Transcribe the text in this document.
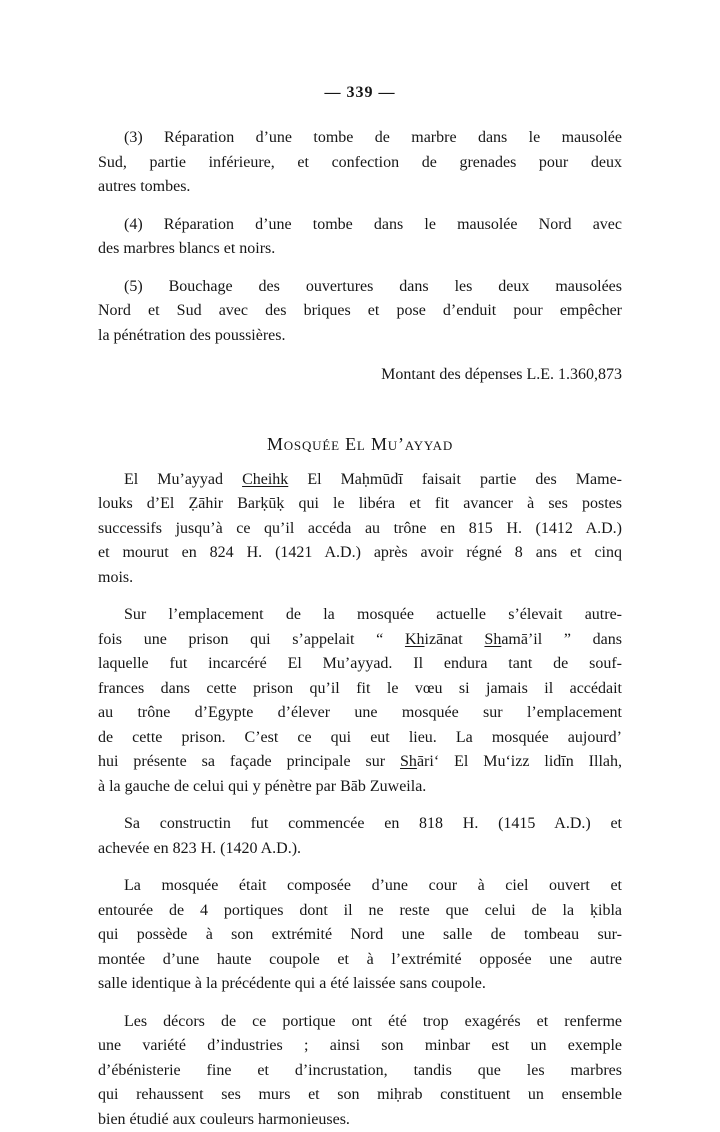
— 339 —
(3) Réparation d’une tombe de marbre dans le mausolée
Sud, partie inférieure, et confection de grenades pour deux
autres tombes.
(4) Réparation d’une tombe dans le mausolée Nord avec
des marbres blancs et noirs.
(5) Bouchage des ouvertures dans les deux mausolées
Nord et Sud avec des briques et pose d’enduit pour empêcher
la pénétration des poussières.
Montant des dépenses L.E. 1.360,873
Mosquée El Mu’ayyad
El Mu’ayyad Cheihk El Maḥmūdī faisait partie des Mame-
louks d’El Ẓāhir Barḳūḳ qui le libéra et fit avancer à ses postes
successifs jusqu’à ce qu’il accéda au trône en 815 H. (1412 A.D.)
et mourut en 824 H. (1421 A.D.) après avoir régné 8 ans et cinq
mois.
Sur l’emplacement de la mosquée actuelle s’élevait autre-
fois une prison qui s’appelait “ Khizānat Shamā’il ” dans
laquelle fut incarcéré El Mu’ayyad. Il endura tant de souf-
frances dans cette prison qu’il fit le vœu si jamais il accédait
au trône d’Egypte d’élever une mosquée sur l’emplacement
de cette prison. C’est ce qui eut lieu. La mosquée aujourd’
hui présente sa façade principale sur Shāri‘ El Mu‘izz lidīn Illah,
à la gauche de celui qui y pénètre par Bāb Zuweila.
Sa constructin fut commencée en 818 H. (1415 A.D.) et
achevée en 823 H. (1420 A.D.).
La mosquée était composée d’une cour à ciel ouvert et
entourée de 4 portiques dont il ne reste que celui de la ḳibla
qui possède à son extrémité Nord une salle de tombeau sur-
montée d’une haute coupole et à l’extrémité opposée une autre
salle identique à la précédente qui a été laissée sans coupole.
Les décors de ce portique ont été trop exagérés et renferme
une variété d’industries ; ainsi son minbar est un exemple
d’ébénisterie fine et d’incrustation, tandis que les marbres
qui rehaussent ses murs et son miḥrab constituent un ensemble
bien étudié aux couleurs harmonieuses.
